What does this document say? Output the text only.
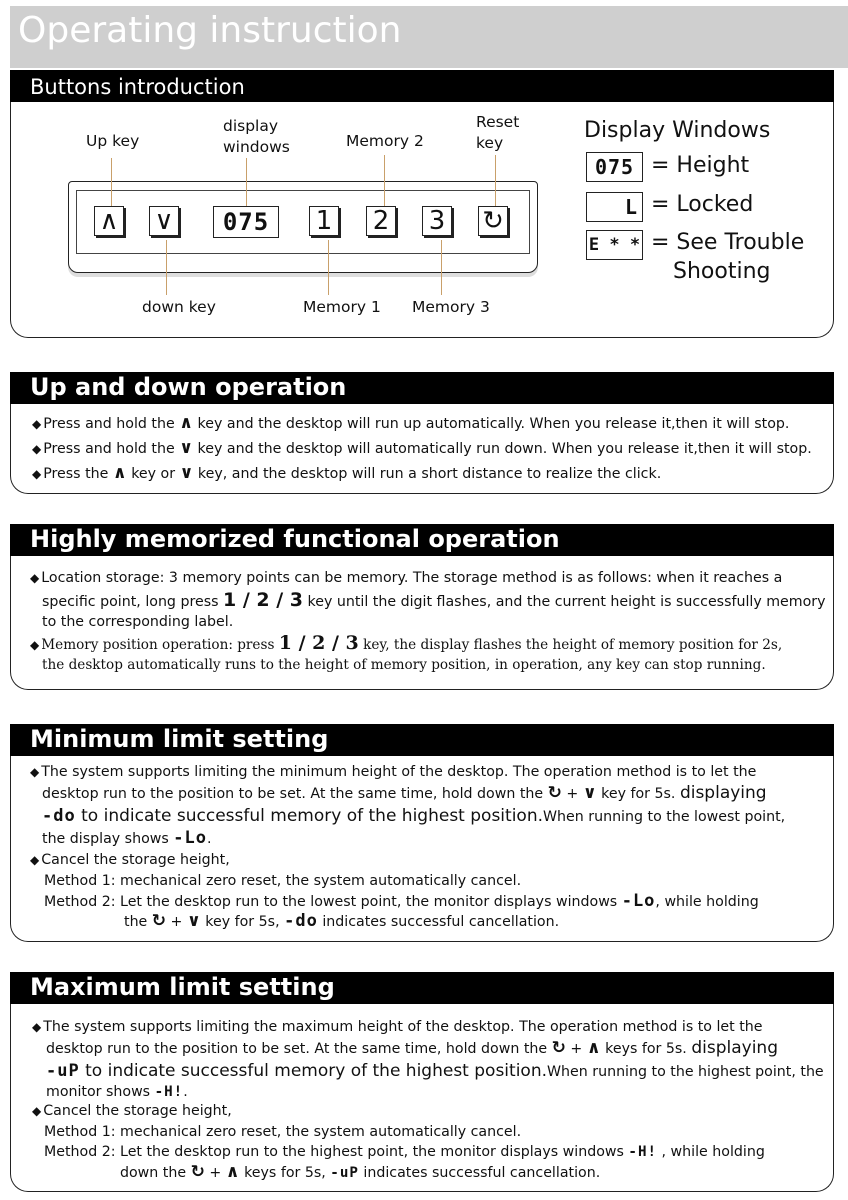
Operating instruction
Buttons introduction
∧ ∨	075	1 2 3 ↻
Up key
display
windows	Memory 2
Reset
key
down key	Memory 1 Memory 3
Display Windows
075 = Height
L = Locked
E * * = See Trouble
Shooting
Up and down operation
◆ Press and hold the ∧ key and the desktop will run up automatically. When you release it,then it will stop.
◆ Press and hold the ∨ key and the desktop will automatically run down. When you release it,then it will stop.
◆ Press the ∧ key or ∨ key, and the desktop will run a short distance to realize the click.
Highly memorized functional operation
◆ Location storage: 3 memory points can be memory. The storage method is as follows: when it reaches a
specific point, long press 1 / 2 / 3 key until the digit flashes, and the current height is successfully memory
to the corresponding label.
◆ Memory position operation: press 1 / 2 / 3 key, the display flashes the height of memory position for 2s,
the desktop automatically runs to the height of memory position, in operation, any key can stop running.
Minimum limit setting
◆ The system supports limiting the minimum height of the desktop. The operation method is to let the
desktop run to the position to be set. At the same time, hold down the ↻ + ∨ key for 5s. displaying
-do to indicate successful memory of the highest position.When running to the lowest point,
the display shows -Lo.
◆ Cancel the storage height,
Method 1: mechanical zero reset, the system automatically cancel.
Method 2: Let the desktop run to the lowest point, the monitor displays windows -Lo, while holding
the ↻ + ∨ key for 5s, -do indicates successful cancellation.
Maximum limit setting
◆ The system supports limiting the maximum height of the desktop. The operation method is to let the
desktop run to the position to be set. At the same time, hold down the ↻ + ∧ keys for 5s. displaying
-uP to indicate successful memory of the highest position.When running to the highest point, the
monitor shows -H!.
◆ Cancel the storage height,
Method 1: mechanical zero reset, the system automatically cancel.
Method 2: Let the desktop run to the highest point, the monitor displays windows -H! , while holding
down the ↻ + ∧ keys for 5s, -uP indicates successful cancellation.
